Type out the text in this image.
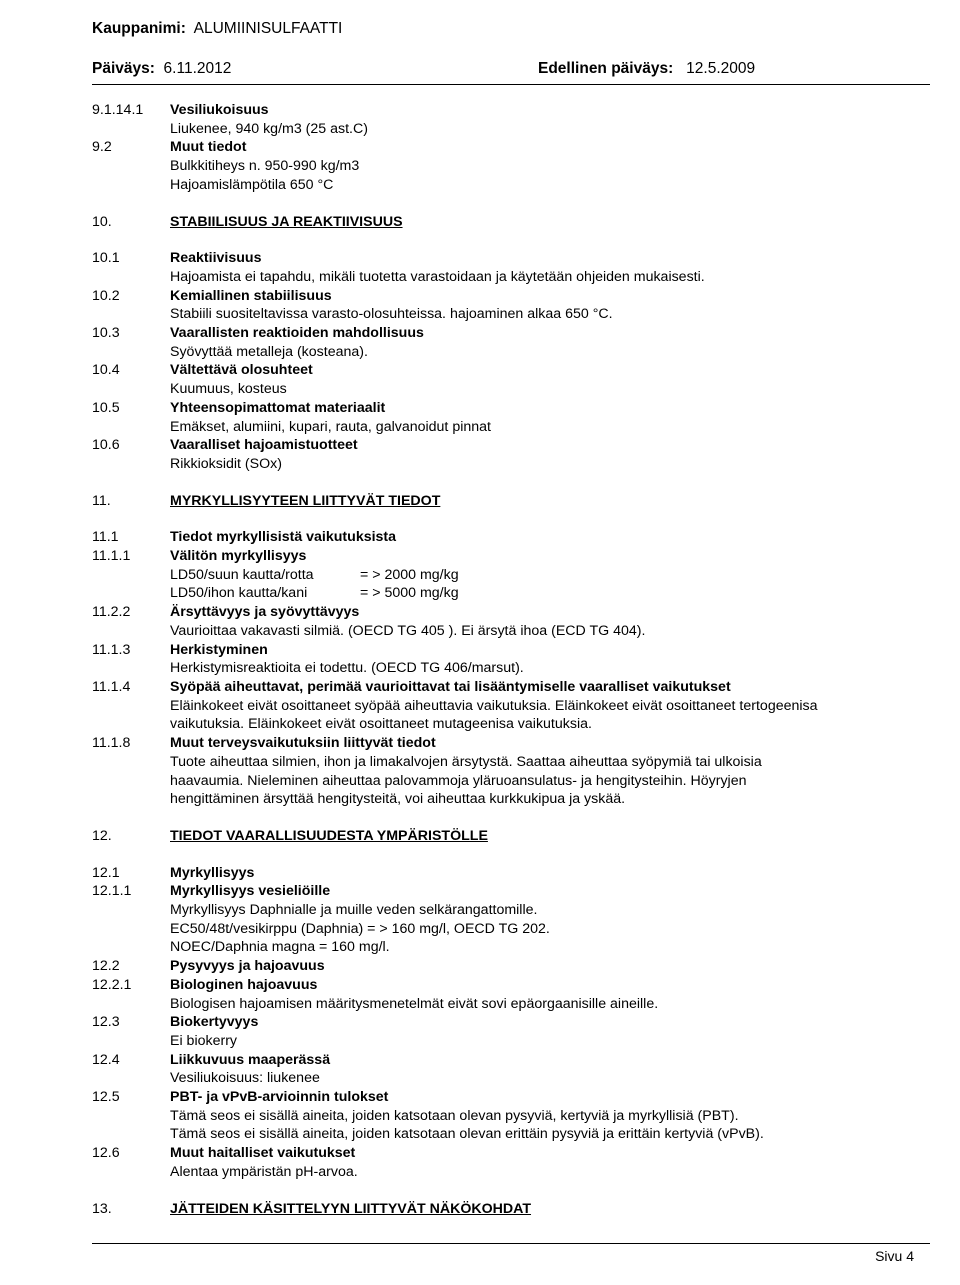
Kauppanimi: ALUMIINISULFAATTI
Päiväys: 6.11.2012	Edellinen päiväys: 12.5.2009
9.1.14.1 Vesiliukoisuus
Liukenee, 940 kg/m3 (25 ast.C)
9.2	Muut tiedot
Bulkkitiheys n. 950-990 kg/m3
Hajoamislämpötila 650 °C
10.	STABIILISUUS JA REAKTIIVISUUS
10.1	Reaktiivisuus
Hajoamista ei tapahdu, mikäli tuotetta varastoidaan ja käytetään ohjeiden mukaisesti.
10.2	Kemiallinen stabiilisuus
Stabiili suositeltavissa varasto-olosuhteissa. hajoaminen alkaa 650 °C.
10.3	Vaarallisten reaktioiden mahdollisuus
Syövyttää metalleja (kosteana).
10.4	Vältettävä olosuhteet
Kuumuus, kosteus
10.5	Yhteensopimattomat materiaalit
Emäkset, alumiini, kupari, rauta, galvanoidut pinnat
10.6	Vaaralliset hajoamistuotteet
Rikkioksidit (SOx)
11.	MYRKYLLISYYTEEN LIITTYVÄT TIEDOT
11.1	Tiedot myrkyllisistä vaikutuksista
11.1.1	Välitön myrkyllisyys
LD50/suun kautta/rotta	= > 2000 mg/kg
LD50/ihon kautta/kani	= > 5000 mg/kg
11.2.2	Ärsyttävyys ja syövyttävyys
Vaurioittaa vakavasti silmiä. (OECD TG 405 ). Ei ärsytä ihoa (ECD TG 404).
11.1.3	Herkistyminen
Herkistymisreaktioita ei todettu. (OECD TG 406/marsut).
11.1.4	Syöpää aiheuttavat, perimää vaurioittavat tai lisääntymiselle vaaralliset vaikutukset
Eläinkokeet eivät osoittaneet syöpää aiheuttavia vaikutuksia. Eläinkokeet eivät osoittaneet tertogeenisa
vaikutuksia. Eläinkokeet eivät osoittaneet mutageenisa vaikutuksia.
11.1.8	Muut terveysvaikutuksiin liittyvät tiedot
Tuote aiheuttaa silmien, ihon ja limakalvojen ärsytystä. Saattaa aiheuttaa syöpymiä tai ulkoisia
haavaumia. Nieleminen aiheuttaa palovammoja yläruoansulatus- ja hengitysteihin. Höyryjen
hengittäminen ärsyttää hengitysteitä, voi aiheuttaa kurkkukipua ja yskää.
12.	TIEDOT VAARALLISUUDESTA YMPÄRISTÖLLE
12.1	Myrkyllisyys
12.1.1	Myrkyllisyys vesieliöille
Myrkyllisyys Daphnialle ja muille veden selkärangattomille.
EC50/48t/vesikirppu (Daphnia) = > 160 mg/l, OECD TG 202.
NOEC/Daphnia magna = 160 mg/l.
12.2	Pysyvyys ja hajoavuus
12.2.1	Biologinen hajoavuus
Biologisen hajoamisen määritysmenetelmät eivät sovi epäorgaanisille aineille.
12.3	Biokertyvyys
Ei biokerry
12.4	Liikkuvuus maaperässä
Vesiliukoisuus: liukenee
12.5	PBT- ja vPvB-arvioinnin tulokset
Tämä seos ei sisällä aineita, joiden katsotaan olevan pysyviä, kertyviä ja myrkyllisiä (PBT).
Tämä seos ei sisällä aineita, joiden katsotaan olevan erittäin pysyviä ja erittäin kertyviä (vPvB).
12.6	Muut haitalliset vaikutukset
Alentaa ympäristän pH-arvoa.
13.	JÄTTEIDEN KÄSITTELYYN LIITTYVÄT NÄKÖKOHDAT
Sivu 4
